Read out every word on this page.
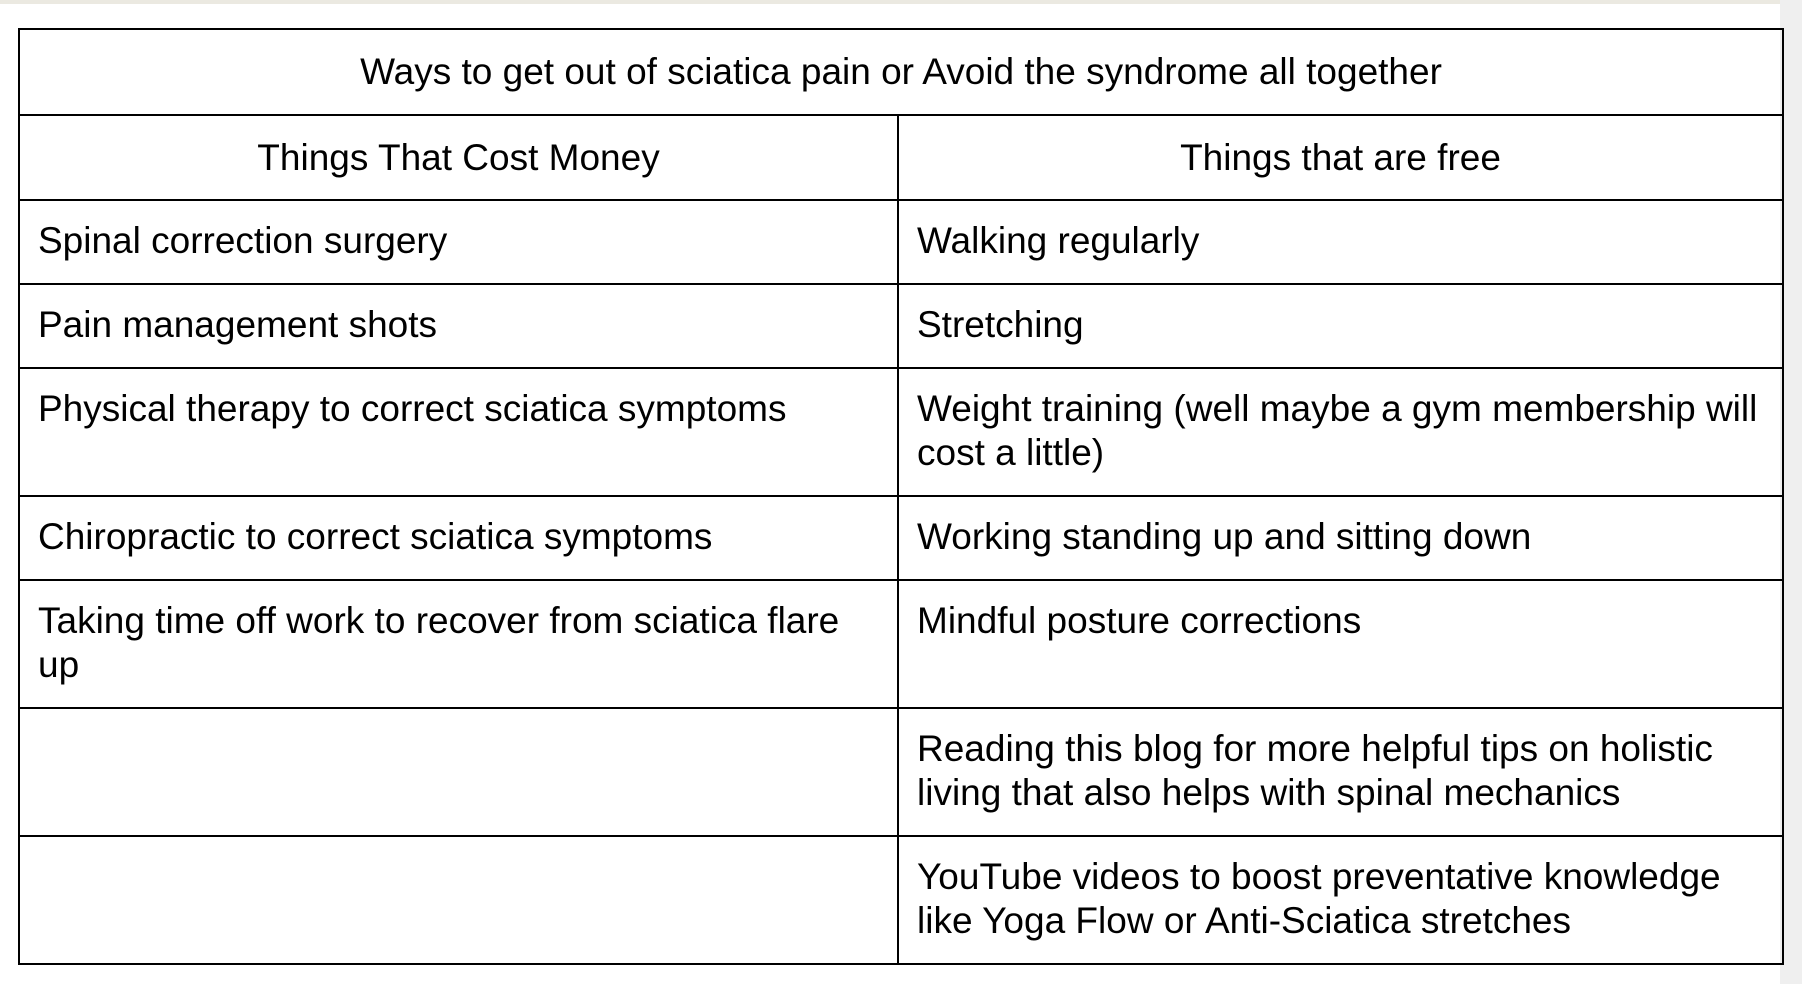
Ways to get out of sciatica pain or Avoid the syndrome all together	
Things That Cost Money	Things that are free
Spinal correction surgery	Walking regularly
Pain management shots	Stretching
Physical therapy to correct sciatica symptoms	Weight training (well maybe a gym membership will cost a little)
Chiropractic to correct sciatica symptoms	Working standing up and sitting down
Taking time off work to recover from sciatica flare up	Mindful posture corrections
	Reading this blog for more helpful tips on holistic living that also helps with spinal mechanics
	YouTube videos to boost preventative knowledge like Yoga Flow or Anti-Sciatica stretches
